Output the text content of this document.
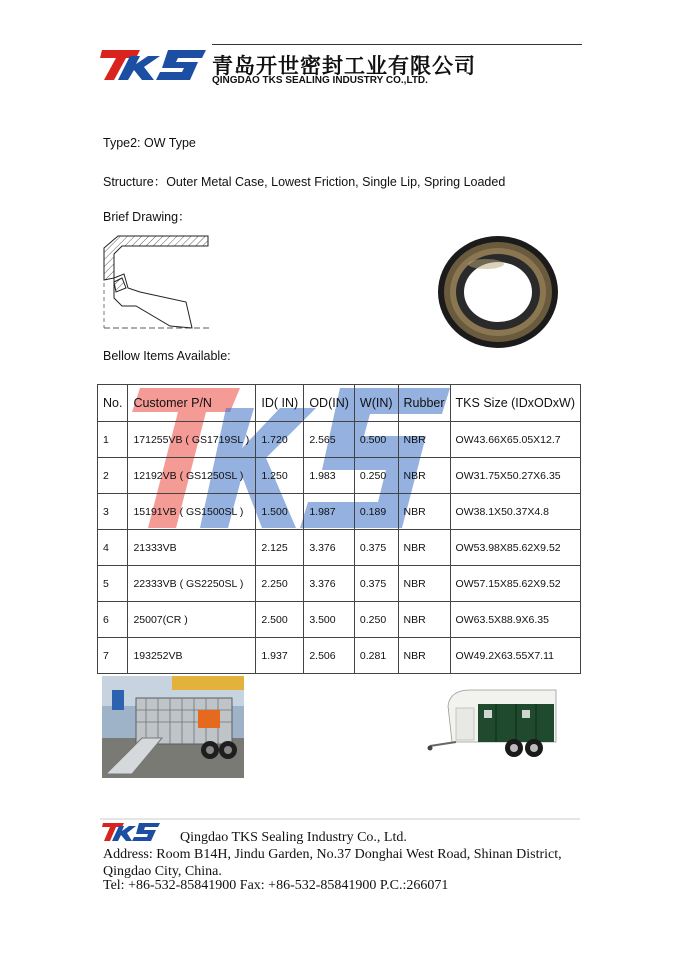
青岛开世密封工业有限公司
QINGDAO TKS SEALING INDUSTRY CO.,LTD.
Type2: OW Type
Structure：Outer Metal Case, Lowest Friction, Single Lip, Spring Loaded
Brief Drawing：
Bellow Items Available:
No.	Customer P/N	ID( IN)	OD(IN)	W(IN)	Rubber	TKS Size (IDxODxW)
1	171255VB ( GS1719SL )	1.720	2.565	0.500	NBR	OW43.66X65.05X12.7
2	12192VB ( GS1250SL )	1.250	1.983	0.250	NBR	OW31.75X50.27X6.35
3	15191VB ( GS1500SL )	1.500	1.987	0.189	NBR	OW38.1X50.37X4.8
4	21333VB	2.125	3.376	0.375	NBR	OW53.98X85.62X9.52
5	22333VB ( GS2250SL )	2.250	3.376	0.375	NBR	OW57.15X85.62X9.52
6	25007(CR )	2.500	3.500	0.250	NBR	OW63.5X88.9X6.35
7	193252VB	1.937	2.506	0.281	NBR	OW49.2X63.55X7.11
Qingdao TKS Sealing Industry Co., Ltd.
Address: Room B14H, Jindu Garden, No.37 Donghai West Road, Shinan District,
Qingdao City, China.
Tel: +86-532-85841900 Fax: +86-532-85841900 P.C.:266071
